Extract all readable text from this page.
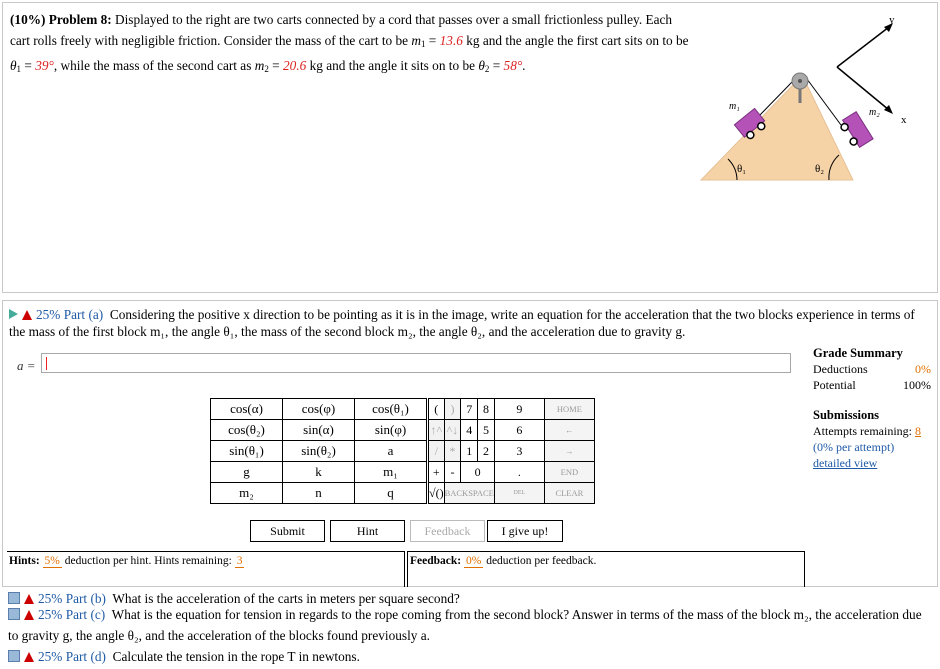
(10%) Problem 8: Displayed to the right are two carts connected by a cord that passes over a small frictionless pulley. Each cart rolls freely with negligible friction. Consider the mass of the cart to be $m_1 = 13.6$ kg and the angle the first cart sits on to be $\theta_1 = 39^\circ$, while the mass of the second cart as $m_2 = 20.6$ kg and the angle it sits on to be $\theta_2 = 58^\circ$.
y
x
θ₁	θ₂
m₁
m₂
25% Part (a) Considering the positive x direction to be pointing as it is in the image, write an equation for the acceleration that the two blocks experience in terms of the mass of the first block m₁, the angle θ₁, the mass of the second block m₂, the angle θ₂, and the acceleration due to gravity g.
a =
Grade Summary
Deductions	0%
Potential	100%
Submissions
Attempts remaining: 8
(0% per attempt)
detailed view
cos(α)	cos(φ)	cos(θ₁)
cos(θ₂)	sin(α)	sin(φ)
sin(θ₁)	sin(θ₂)	a
g	k	m₁
m₂	n	q
(	)	7	8	9	HOME
↑^	^↓	4	5	6	←
/	*	1	2	3	→
+	-	0		.	END
√()	BACKSPACE			DEL	CLEAR
Submit	Hint	Feedback	I give up!
Hints: 5% deduction per hint. Hints remaining: 3	Feedback: 0% deduction per feedback.
25% Part (b) What is the acceleration of the carts in meters per square second?
25% Part (c) What is the equation for tension in regards to the rope coming from the second block? Answer in terms of the mass of the block m₂, the acceleration due to gravity g, the angle θ₂, and the acceleration of the blocks found previously a.
25% Part (d) Calculate the tension in the rope T in newtons.
